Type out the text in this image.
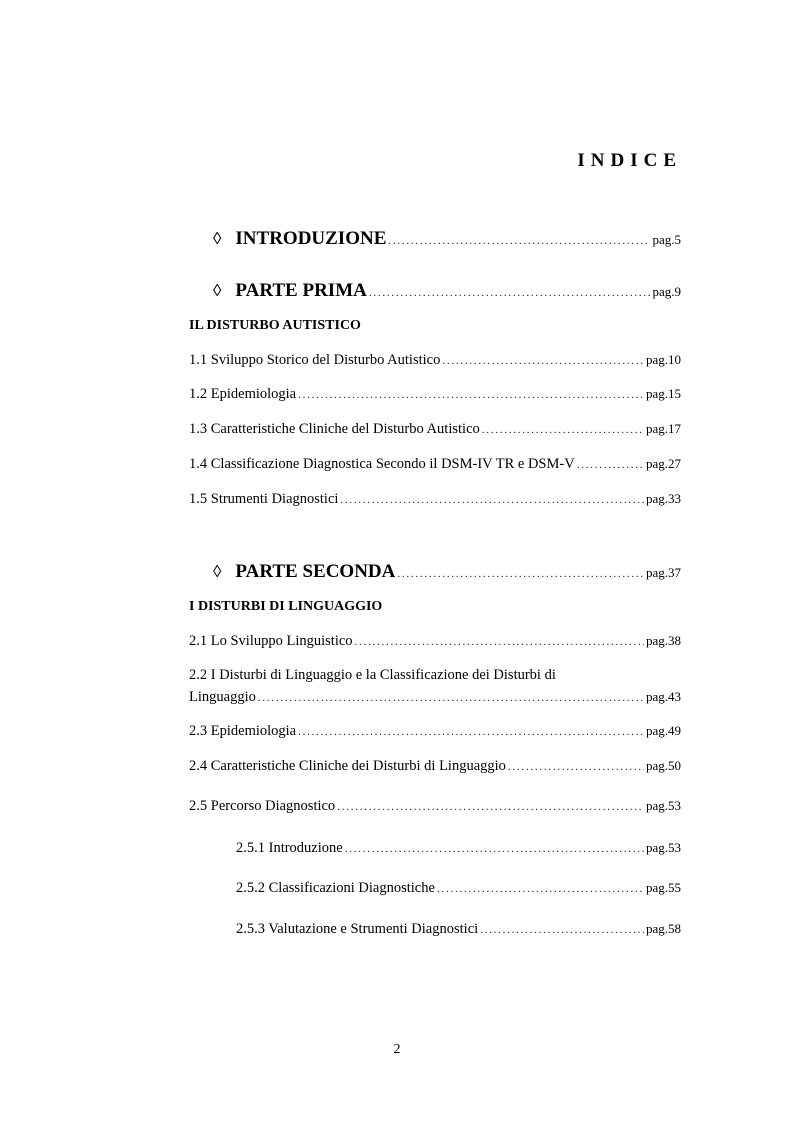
INDICE
◊ INTRODUZIONE . . .	pag.5
◊ PARTE PRIMA . . .	pag.9
IL DISTURBO AUTISTICO
1.1 Sviluppo Storico del Disturbo Autistico . . .	pag.10
1.2 Epidemiologia . . .	pag.15
1.3 Caratteristiche Cliniche del Disturbo Autistico . . .	pag.17
1.4 Classificazione Diagnostica Secondo il DSM-IV TR e DSM-V . . .	pag.27
1.5 Strumenti Diagnostici . . .	pag.33
◊ PARTE SECONDA . . .	pag.37
I DISTURBI DI LINGUAGGIO
2.1 Lo Sviluppo Linguistico . . .	pag.38
2.2 I Disturbi di Linguaggio e la Classificazione dei Disturbi di
Linguaggio . . .	pag.43
2.3 Epidemiologia . . .	pag.49
2.4 Caratteristiche Cliniche dei Disturbi di Linguaggio . . .	pag.50
2.5 Percorso Diagnostico . . .	pag.53
2.5.1 Introduzione . . .	pag.53
2.5.2 Classificazioni Diagnostiche . . .	pag.55
2.5.3 Valutazione e Strumenti Diagnostici . . .	pag.58
2
